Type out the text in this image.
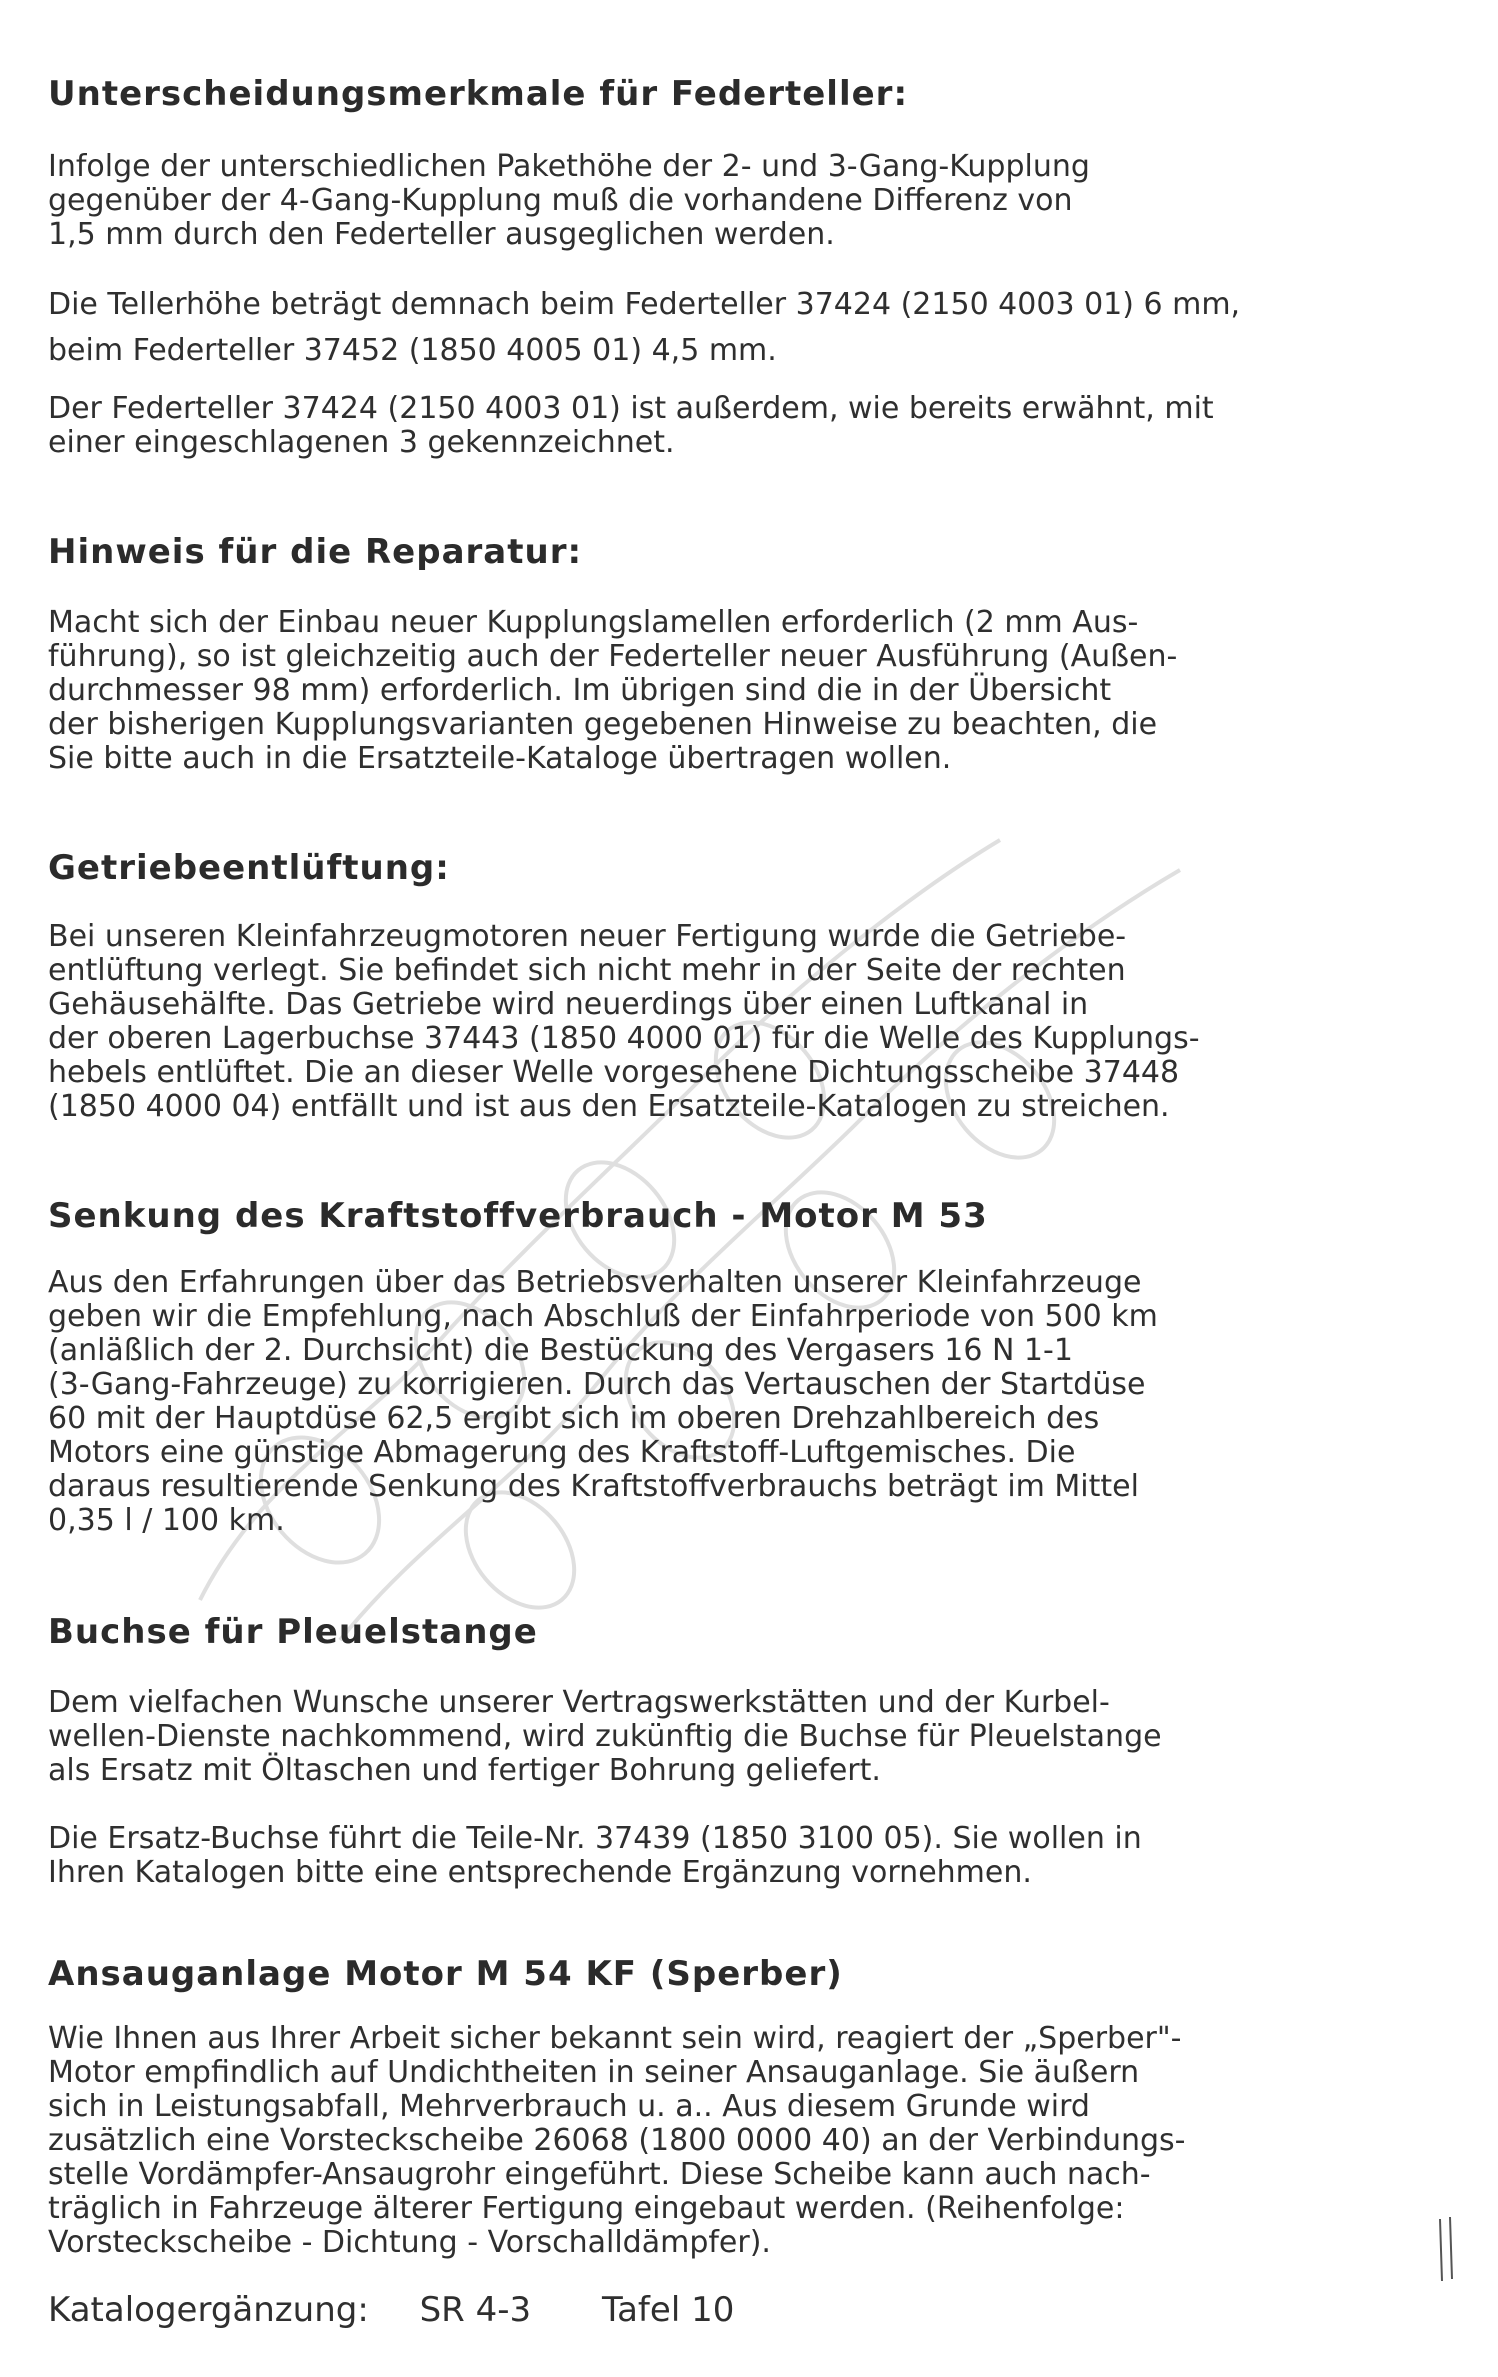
Unterscheidungsmerkmale für Federteller:
Infolge der unterschiedlichen Pakethöhe der 2- und 3-Gang-Kupplung
gegenüber der 4-Gang-Kupplung muß die vorhandene Differenz von
1,5 mm durch den Federteller ausgeglichen werden.
Die Tellerhöhe beträgt demnach beim Federteller 37424 (2150 4003 01) 6 mm,
beim Federteller 37452 (1850 4005 01) 4,5 mm.
Der Federteller 37424 (2150 4003 01) ist außerdem, wie bereits erwähnt, mit
einer eingeschlagenen 3 gekennzeichnet.
Hinweis für die Reparatur:
Macht sich der Einbau neuer Kupplungslamellen erforderlich (2 mm Aus-
führung), so ist gleichzeitig auch der Federteller neuer Ausführung (Außen-
durchmesser 98 mm) erforderlich. Im übrigen sind die in der Übersicht
der bisherigen Kupplungsvarianten gegebenen Hinweise zu beachten, die
Sie bitte auch in die Ersatzteile-Kataloge übertragen wollen.
Getriebeentlüftung:
Bei unseren Kleinfahrzeugmotoren neuer Fertigung wurde die Getriebe-
entlüftung verlegt. Sie befindet sich nicht mehr in der Seite der rechten
Gehäusehälfte. Das Getriebe wird neuerdings über einen Luftkanal in
der oberen Lagerbuchse 37443 (1850 4000 01) für die Welle des Kupplungs-
hebels entlüftet. Die an dieser Welle vorgesehene Dichtungsscheibe 37448
(1850 4000 04) entfällt und ist aus den Ersatzteile-Katalogen zu streichen.
Senkung des Kraftstoffverbrauch - Motor M 53
Aus den Erfahrungen über das Betriebsverhalten unserer Kleinfahrzeuge
geben wir die Empfehlung, nach Abschluß der Einfahrperiode von 500 km
(anläßlich der 2. Durchsicht) die Bestückung des Vergasers 16 N 1-1
(3-Gang-Fahrzeuge) zu korrigieren. Durch das Vertauschen der Startdüse
60 mit der Hauptdüse 62,5 ergibt sich im oberen Drehzahlbereich des
Motors eine günstige Abmagerung des Kraftstoff-Luftgemisches. Die
daraus resultierende Senkung des Kraftstoffverbrauchs beträgt im Mittel
0,35 l / 100 km.
Buchse für Pleuelstange
Dem vielfachen Wunsche unserer Vertragswerkstätten und der Kurbel-
wellen-Dienste nachkommend, wird zukünftig die Buchse für Pleuelstange
als Ersatz mit Öltaschen und fertiger Bohrung geliefert.
Die Ersatz-Buchse führt die Teile-Nr. 37439 (1850 3100 05). Sie wollen in
Ihren Katalogen bitte eine entsprechende Ergänzung vornehmen.
Ansauganlage Motor M 54 KF (Sperber)
Wie Ihnen aus Ihrer Arbeit sicher bekannt sein wird, reagiert der „Sperber"-
Motor empfindlich auf Undichtheiten in seiner Ansauganlage. Sie äußern
sich in Leistungsabfall, Mehrverbrauch u. a.. Aus diesem Grunde wird
zusätzlich eine Vorsteckscheibe 26068 (1800 0000 40) an der Verbindungs-
stelle Vordämpfer-Ansaugrohr eingeführt. Diese Scheibe kann auch nach-
träglich in Fahrzeuge älterer Fertigung eingebaut werden. (Reihenfolge:
Vorsteckscheibe - Dichtung - Vorschalldämpfer).
Katalogergänzung: SR 4-3 Tafel 10
